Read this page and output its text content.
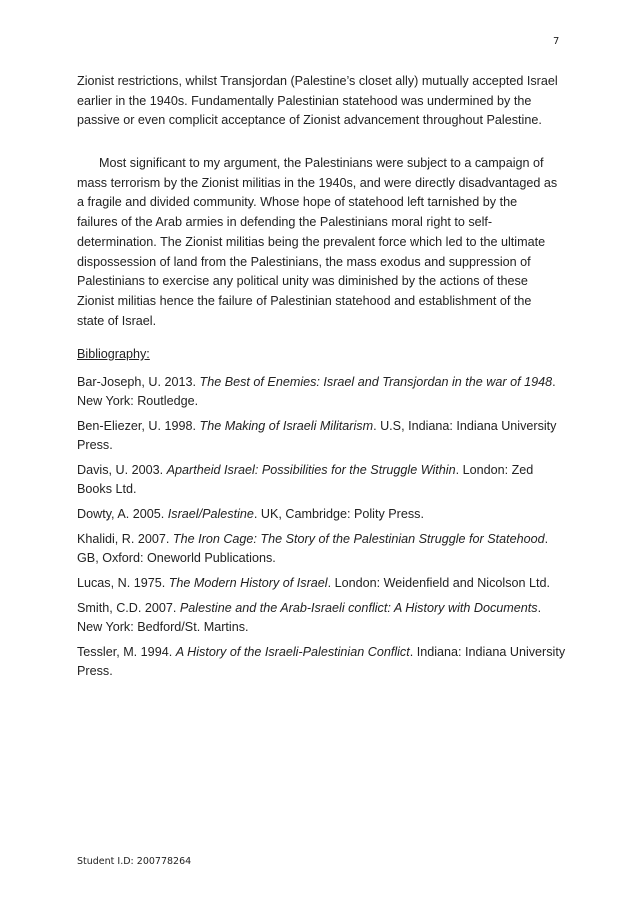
7

Zionist restrictions, whilst Transjordan (Palestine’s closet ally) mutually accepted Israel earlier in the 1940s. Fundamentally Palestinian statehood was undermined by the passive or even complicit acceptance of Zionist advancement throughout Palestine.

Most significant to my argument, the Palestinians were subject to a campaign of mass terrorism by the Zionist militias in the 1940s, and were directly disadvantaged as a fragile and divided community. Whose hope of statehood left tarnished by the failures of the Arab armies in defending the Palestinians moral right to self-determination. The Zionist militias being the prevalent force which led to the ultimate dispossession of land from the Palestinians, the mass exodus and suppression of Palestinians to exercise any political unity was diminished by the actions of these Zionist militias hence the failure of Palestinian statehood and establishment of the state of Israel.

Bibliography:

Bar-Joseph, U. 2013. The Best of Enemies: Israel and Transjordan in the war of 1948. New York: Routledge.

Ben-Eliezer, U. 1998. The Making of Israeli Militarism. U.S, Indiana: Indiana University Press.

Davis, U. 2003. Apartheid Israel: Possibilities for the Struggle Within. London: Zed Books Ltd.

Dowty, A. 2005. Israel/Palestine. UK, Cambridge: Polity Press.

Khalidi, R. 2007. The Iron Cage: The Story of the Palestinian Struggle for Statehood. GB, Oxford: Oneworld Publications.

Lucas, N. 1975. The Modern History of Israel. London: Weidenfield and Nicolson Ltd.

Smith, C.D. 2007. Palestine and the Arab-Israeli conflict: A History with Documents. New York: Bedford/St. Martins.

Tessler, M. 1994. A History of the Israeli-Palestinian Conflict. Indiana: Indiana University Press.

Student I.D: 200778264
